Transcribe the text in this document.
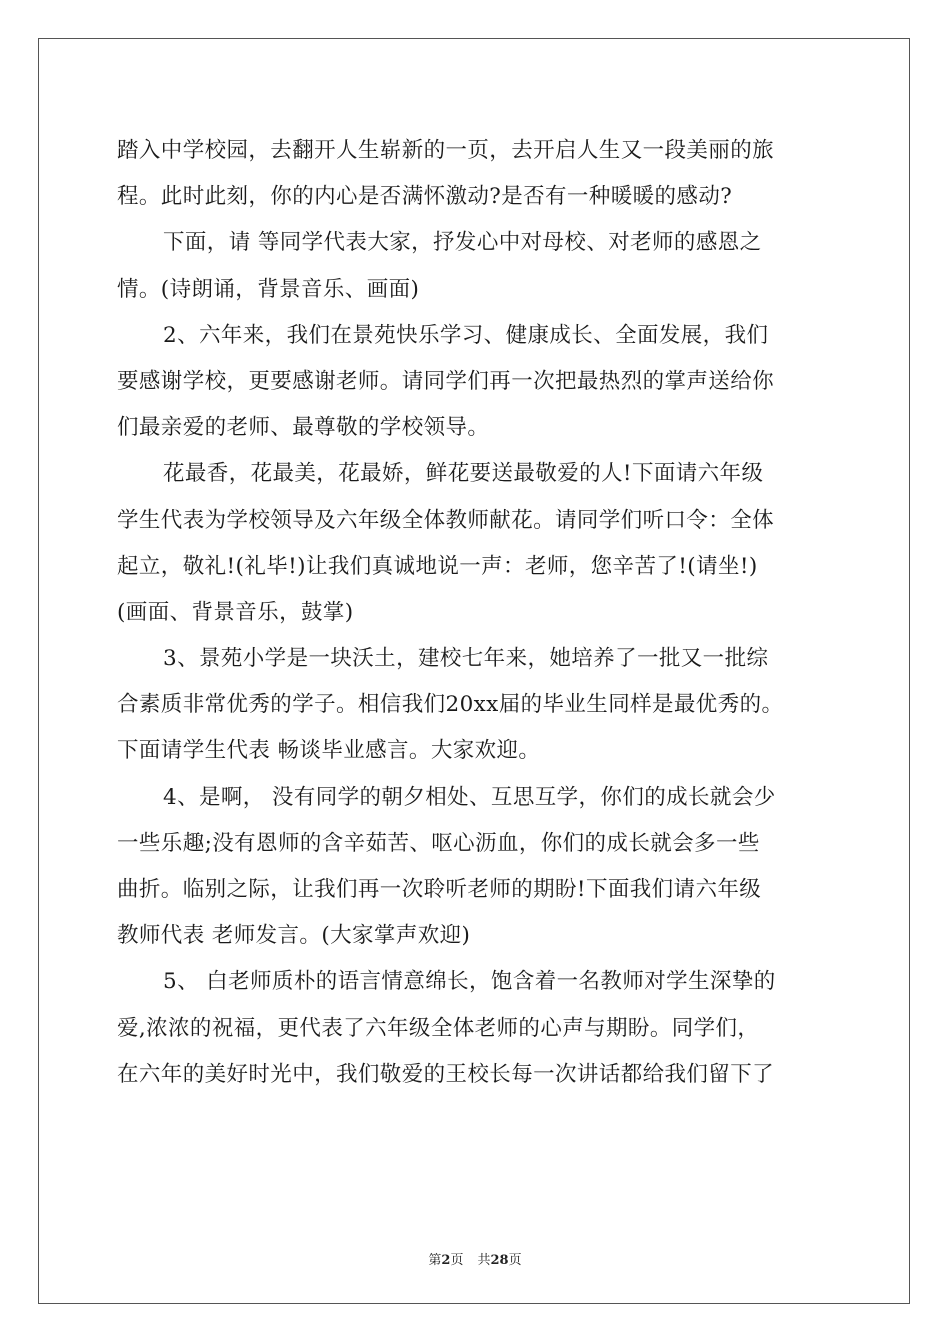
踏入中学校园，去翻开人生崭新的一页，去开启人生又一段美丽的旅
程。此时此刻，你的内心是否满怀激动?是否有一种暖暖的感动?
下面，请 等同学代表大家，抒发心中对母校、对老师的感恩之
情。(诗朗诵，背景音乐、画面)
2、六年来，我们在景苑快乐学习、健康成长、全面发展，我们
要感谢学校，更要感谢老师。请同学们再一次把最热烈的掌声送给你
们最亲爱的老师、最尊敬的学校领导。
花最香，花最美，花最娇，鲜花要送最敬爱的人!下面请六年级
学生代表为学校领导及六年级全体教师献花。请同学们听口令：全体
起立，敬礼!(礼毕!)让我们真诚地说一声：老师，您辛苦了!(请坐!)
(画面、背景音乐，鼓掌)
3、景苑小学是一块沃土，建校七年来，她培养了一批又一批综
合素质非常优秀的学子。相信我们20xx届的毕业生同样是最优秀的。
下面请学生代表 畅谈毕业感言。大家欢迎。
4、是啊， 没有同学的朝夕相处、互思互学，你们的成长就会少
一些乐趣;没有恩师的含辛茹苦、呕心沥血，你们的成长就会多一些
曲折。临别之际，让我们再一次聆听老师的期盼!下面我们请六年级
教师代表 老师发言。(大家掌声欢迎)
5、 白老师质朴的语言情意绵长，饱含着一名教师对学生深挚的
爱,浓浓的祝福，更代表了六年级全体老师的心声与期盼。同学们，
在六年的美好时光中，我们敬爱的王校长每一次讲话都给我们留下了
第2页 共28页
